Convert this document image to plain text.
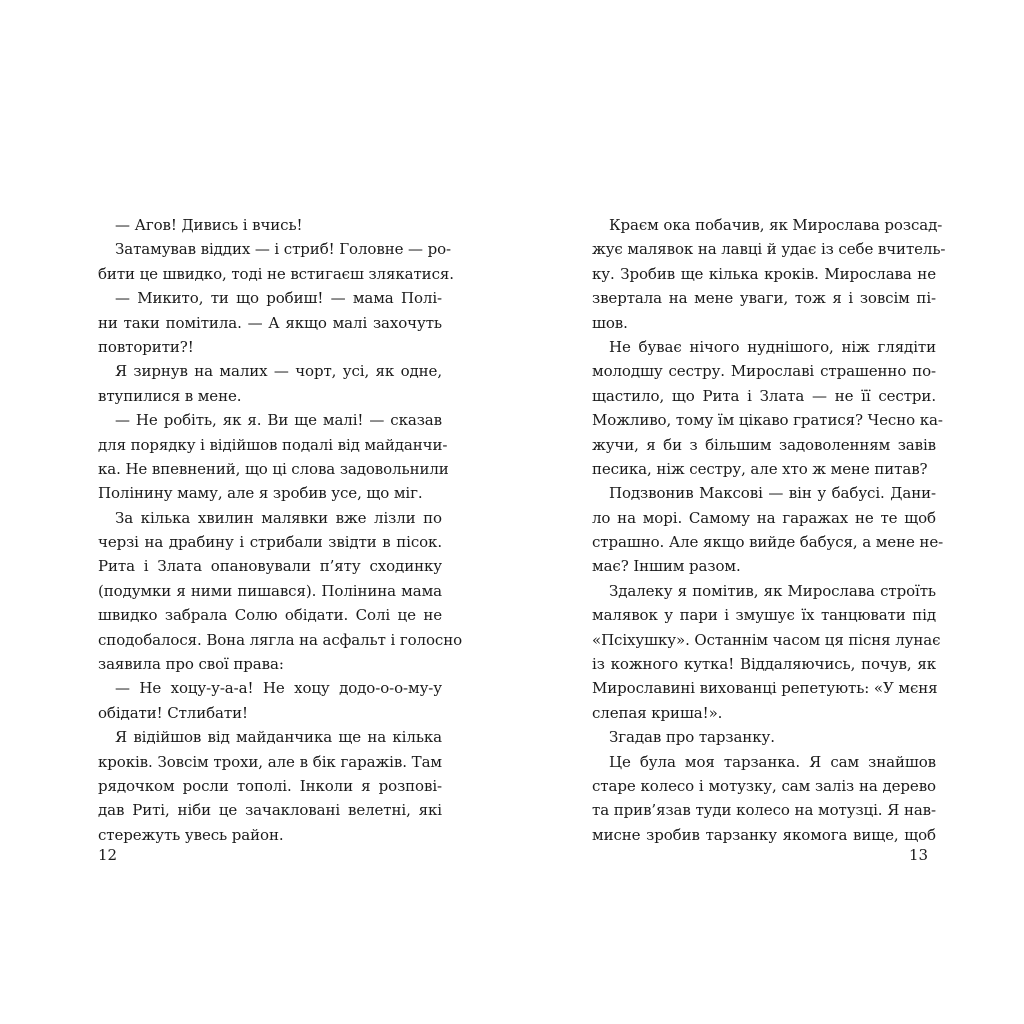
— Агов! Дивись і вчись!
Затамував віддих — і стриб! Головне — ро-
бити це швидко, тоді не встигаєш злякатися.
— Микито, ти що робиш! — мама Полі-
ни таки помітила. — А якщо малі захочуть
повторити?!
Я зирнув на малих — чорт, усі, як одне,
втупилися в мене.
— Не робіть, як я. Ви ще малі! — сказав
для порядку і відійшов подалі від майданчи-
ка. Не впевнений, що ці слова задовольнили
Полінину маму, але я зробив усе, що міг.
За кілька хвилин малявки вже лізли по
черзі на драбину і стрибали звідти в пісок.
Рита і Злата опановували п’яту сходинку
(подумки я ними пишався). Полінина мама
швидко забрала Солю обідати. Солі це не
сподобалося. Вона лягла на асфальт і голосно
заявила про свої права:
— Не хоцу-у-а-а! Не хоцу додо-о-о-му-у
обідати! Стлибати!
Я відійшов від майданчика ще на кілька
кроків. Зовсім трохи, але в бік гаражів. Там
рядочком росли тополі. Інколи я розпові-
дав Риті, ніби це зачакловані велетні, які
стережуть увесь район.
Краєм ока побачив, як Мирослава розсад-
жує малявок на лавці й удає із себе вчитель-
ку. Зробив ще кілька кроків. Мирослава не
звертала на мене уваги, тож я і зовсім пі-
шов.
Не буває нічого нуднішого, ніж глядіти
молодшу сестру. Мирославі страшенно по-
щастило, що Рита і Злата — не її сестри.
Можливо, тому їм цікаво гратися? Чесно ка-
жучи, я би з більшим задоволенням завів
песика, ніж сестру, але хто ж мене питав?
Подзвонив Максові — він у бабусі. Дани-
ло на морі. Самому на гаражах не те щоб
страшно. Але якщо вийде бабуся, а мене не-
має? Іншим разом.
Здалеку я помітив, як Мирослава строїть
малявок у пари і змушує їх танцювати під
«Псіхушку». Останнім часом ця пісня лунає
із кожного кутка! Віддаляючись, почув, як
Мирославині вихованці репетують: «У мєня
слепая криша!».
Згадав про тарзанку.
Це була моя тарзанка. Я сам знайшов
старе колесо і мотузку, сам заліз на дерево
та прив’язав туди колесо на мотузці. Я нав-
мисне зробив тарзанку якомога вище, щоб
12	13
